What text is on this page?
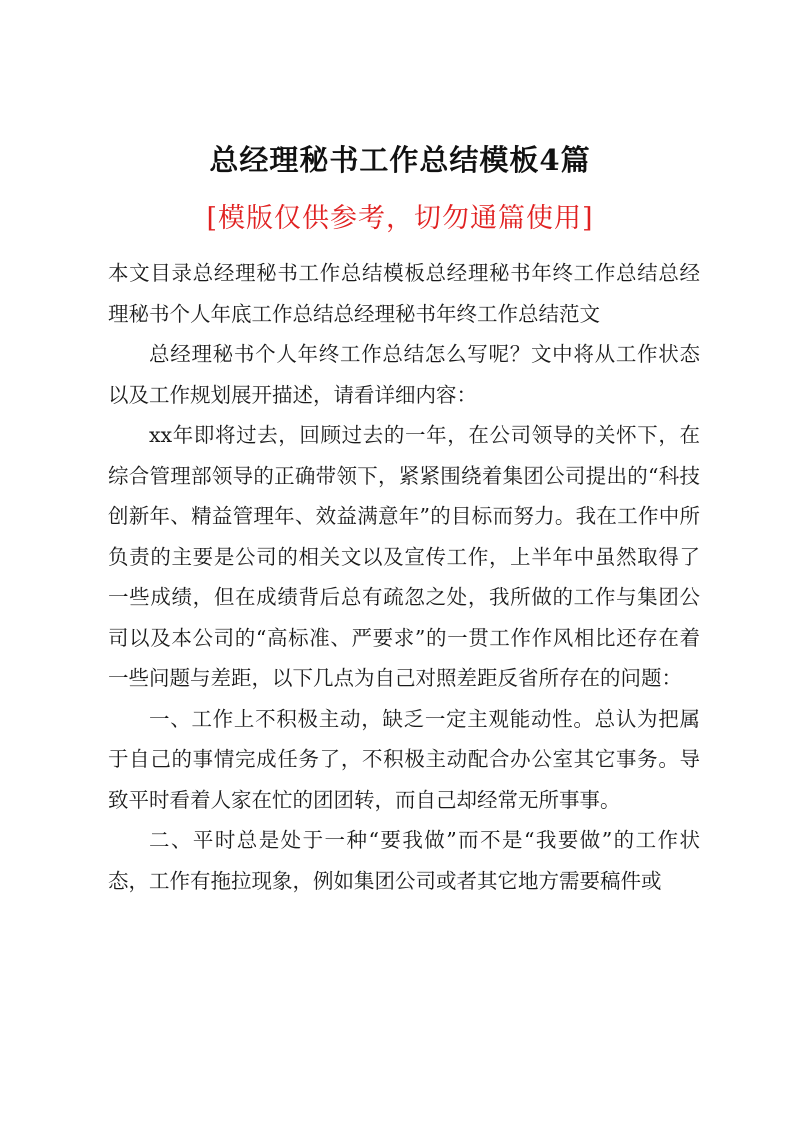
总经理秘书工作总结模板4篇
[模版仅供参考，切勿通篇使用]

本文目录总经理秘书工作总结模板总经理秘书年终工作总结总经理秘书个人年底工作总结总经理秘书年终工作总结范文

总经理秘书个人年终工作总结怎么写呢？文中将从工作状态以及工作规划展开描述，请看详细内容：

xx年即将过去，回顾过去的一年，在公司领导的关怀下，在综合管理部领导的正确带领下，紧紧围绕着集团公司提出的“科技创新年、精益管理年、效益满意年”的目标而努力。我在工作中所负责的主要是公司的相关文以及宣传工作，上半年中虽然取得了一些成绩，但在成绩背后总有疏忽之处，我所做的工作与集团公司以及本公司的“高标准、严要求”的一贯工作作风相比还存在着一些问题与差距，以下几点为自己对照差距反省所存在的问题：

一、工作上不积极主动，缺乏一定主观能动性。总认为把属于自己的事情完成任务了，不积极主动配合办公室其它事务。导致平时看着人家在忙的团团转，而自己却经常无所事事。

二、平时总是处于一种“要我做”而不是“我要做”的工作状态，工作有拖拉现象，例如集团公司或者其它地方需要稿件或
